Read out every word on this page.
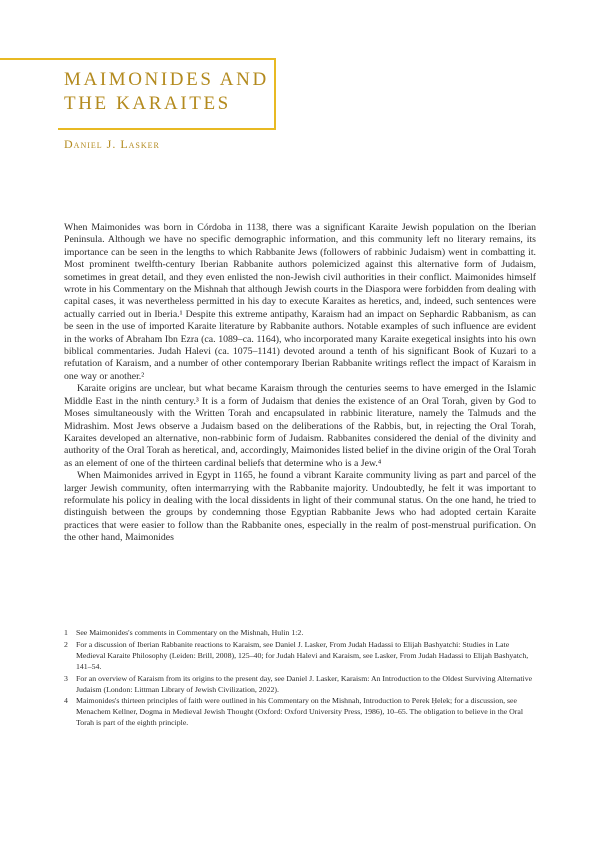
MAIMONIDES AND
THE KARAITES
Daniel J. Lasker

When Maimonides was born in Córdoba in 1138, there was a significant Karaite Jewish population on the Iberian Peninsula. Although we have no specific demographic information, and this community left no literary remains, its importance can be seen in the lengths to which Rabbanite Jews (followers of rabbinic Judaism) went in combatting it. Most prominent twelfth-century Iberian Rabbanite authors polemicized against this alternative form of Judaism, sometimes in great detail, and they even enlisted the non-Jewish civil authorities in their conflict. Maimonides himself wrote in his Commentary on the Mishnah that although Jewish courts in the Diaspora were forbidden from dealing with capital cases, it was nevertheless permitted in his day to execute Karaites as heretics, and, indeed, such sentences were actually carried out in Iberia.¹ Despite this extreme antipathy, Karaism had an impact on Sephardic Rabbanism, as can be seen in the use of imported Karaite literature by Rabbanite authors. Notable examples of such influence are evident in the works of Abraham Ibn Ezra (ca. 1089–ca. 1164), who incorporated many Karaite exegetical insights into his own biblical commentaries. Judah Halevi (ca. 1075–1141) devoted around a tenth of his significant Book of Kuzari to a refutation of Karaism, and a number of other contemporary Iberian Rabbanite writings reflect the impact of Karaism in one way or another.²

Karaite origins are unclear, but what became Karaism through the centuries seems to have emerged in the Islamic Middle East in the ninth century.³ It is a form of Judaism that denies the existence of an Oral Torah, given by God to Moses simultaneously with the Written Torah and encapsulated in rabbinic literature, namely the Talmuds and the Midrashim. Most Jews observe a Judaism based on the deliberations of the Rabbis, but, in rejecting the Oral Torah, Karaites developed an alternative, non-rabbinic form of Judaism. Rabbanites considered the denial of the divinity and authority of the Oral Torah as heretical, and, accordingly, Maimonides listed belief in the divine origin of the Oral Torah as an element of one of the thirteen cardinal beliefs that determine who is a Jew.⁴

When Maimonides arrived in Egypt in 1165, he found a vibrant Karaite community living as part and parcel of the larger Jewish community, often intermarrying with the Rabbanite majority. Undoubtedly, he felt it was important to reformulate his policy in dealing with the local dissidents in light of their communal status. On the one hand, he tried to distinguish between the groups by condemning those Egyptian Rabbanite Jews who had adopted certain Karaite practices that were easier to follow than the Rabbanite ones, especially in the realm of post-menstrual purification. On the other hand, Maimonides

1	See Maimonides's comments in Commentary on the Mishnah, Hulin 1:2.
2	For a discussion of Iberian Rabbanite reactions to Karaism, see Daniel J. Lasker, From Judah Hadassi to Elijah Bashyatchi: Studies in Late Medieval Karaite Philosophy (Leiden: Brill, 2008), 125–40; for Judah Halevi and Karaism, see Lasker, From Judah Hadassi to Elijah Bashyatch, 141–54.
3	For an overview of Karaism from its origins to the present day, see Daniel J. Lasker, Karaism: An Introduction to the Oldest Surviving Alternative Judaism (London: Littman Library of Jewish Civilization, 2022).
4	Maimonides's thirteen principles of faith were outlined in his Commentary on the Mishnah, Introduction to Perek Ḥelek; for a discussion, see Menachem Kellner, Dogma in Medieval Jewish Thought (Oxford: Oxford University Press, 1986), 10–65. The obligation to believe in the Oral Torah is part of the eighth principle.
